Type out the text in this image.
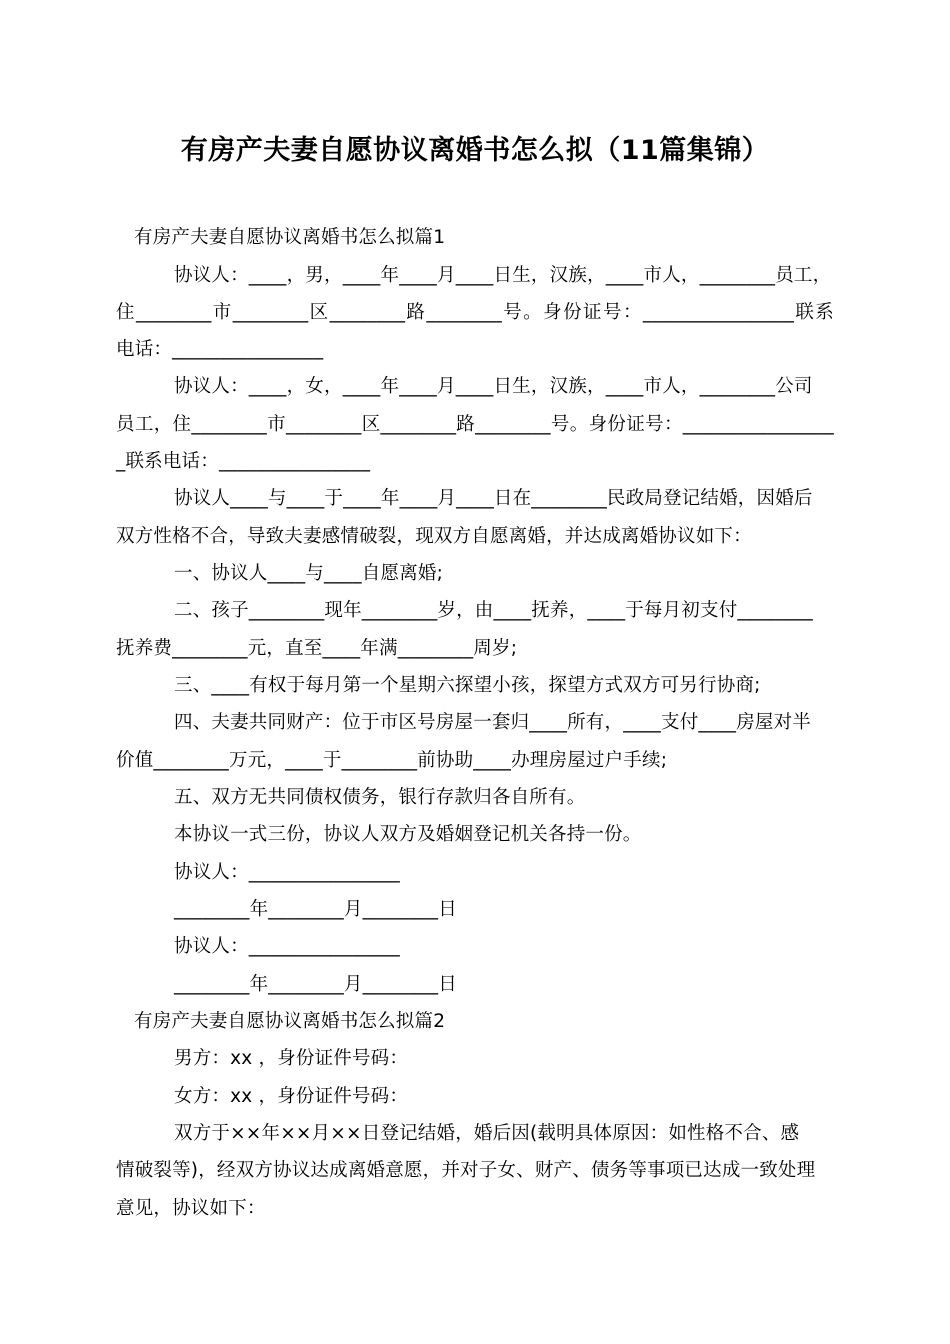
有房产夫妻自愿协议离婚书怎么拟（11篇集锦）
有房产夫妻自愿协议离婚书怎么拟篇1
协议人：____，男，____年____月____日生，汉族，____市人，________员工，
住________市________区________路________号。身份证号：________________联系
电话：________________
协议人：____，女，____年____月____日生，汉族，____市人，________公司
员工，住________市________区________路________号。身份证号：________________
_联系电话：________________
协议人____与____于____年____月____日在________民政局登记结婚，因婚后
双方性格不合，导致夫妻感情破裂，现双方自愿离婚，并达成离婚协议如下：
一、协议人____与____自愿离婚;
二、孩子________现年________岁，由____抚养，____于每月初支付________
抚养费________元，直至____年满________周岁;
三、____有权于每月第一个星期六探望小孩，探望方式双方可另行协商;
四、夫妻共同财产：位于市区号房屋一套归____所有，____支付____房屋对半
价值________万元，____于________前协助____办理房屋过户手续;
五、双方无共同债权债务，银行存款归各自所有。
本协议一式三份，协议人双方及婚姻登记机关各持一份。
协议人：________________
________年________月________日
协议人：________________
________年________月________日
有房产夫妻自愿协议离婚书怎么拟篇2
男方：xx ，身份证件号码：
女方：xx ，身份证件号码：
双方于××年××月××日登记结婚，婚后因(载明具体原因：如性格不合、感
情破裂等)，经双方协议达成离婚意愿，并对子女、财产、债务等事项已达成一致处理
意见，协议如下：
